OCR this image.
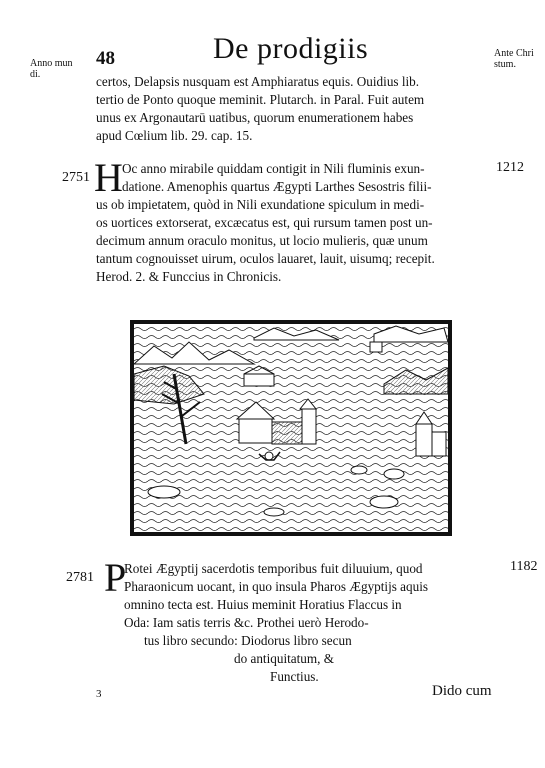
Anno mun
di.
Ante Chri
stum.
48	De prodigiis
certos, Delapsis nusquam est Amphiaratus equis. Ouidius lib.
tertio de Ponto quoque meminit. Plutarch. in Paral. Fuit autem
unus ex Argonautarū uatibus, quorum enumerationem habes
apud Cœlium lib. 29. cap. 15.
2751
1212
H Oc anno mirabile quiddam contigit in Nili fluminis exun-
datione. Amenophis quartus Ægypti Larthes Sesostris filii-
us ob impietatem, quòd in Nili exundatione spiculum in medi-
os uortices extorserat, excæcatus est, qui rursum tamen post un-
decimum annum oraculo monitus, ut locio mulieris, quæ unum
tantum cognouisset uirum, oculos lauaret, lauit, uisumq; recepit.
Herod. 2. & Funccius in Chronicis.
2781
1182
P
Rotei Ægyptij sacerdotis temporibus fuit diluuium, quod
Pharaonicum uocant, in quo insula Pharos Ægyptijs aquis
omnino tecta est. Huius meminit Horatius Flaccus in
Oda: Iam satis terris &c. Prothei uerò Herodo-
tus libro secundo: Diodorus libro secun
do antiquitatum, &
Functius.
Dido cum
3
